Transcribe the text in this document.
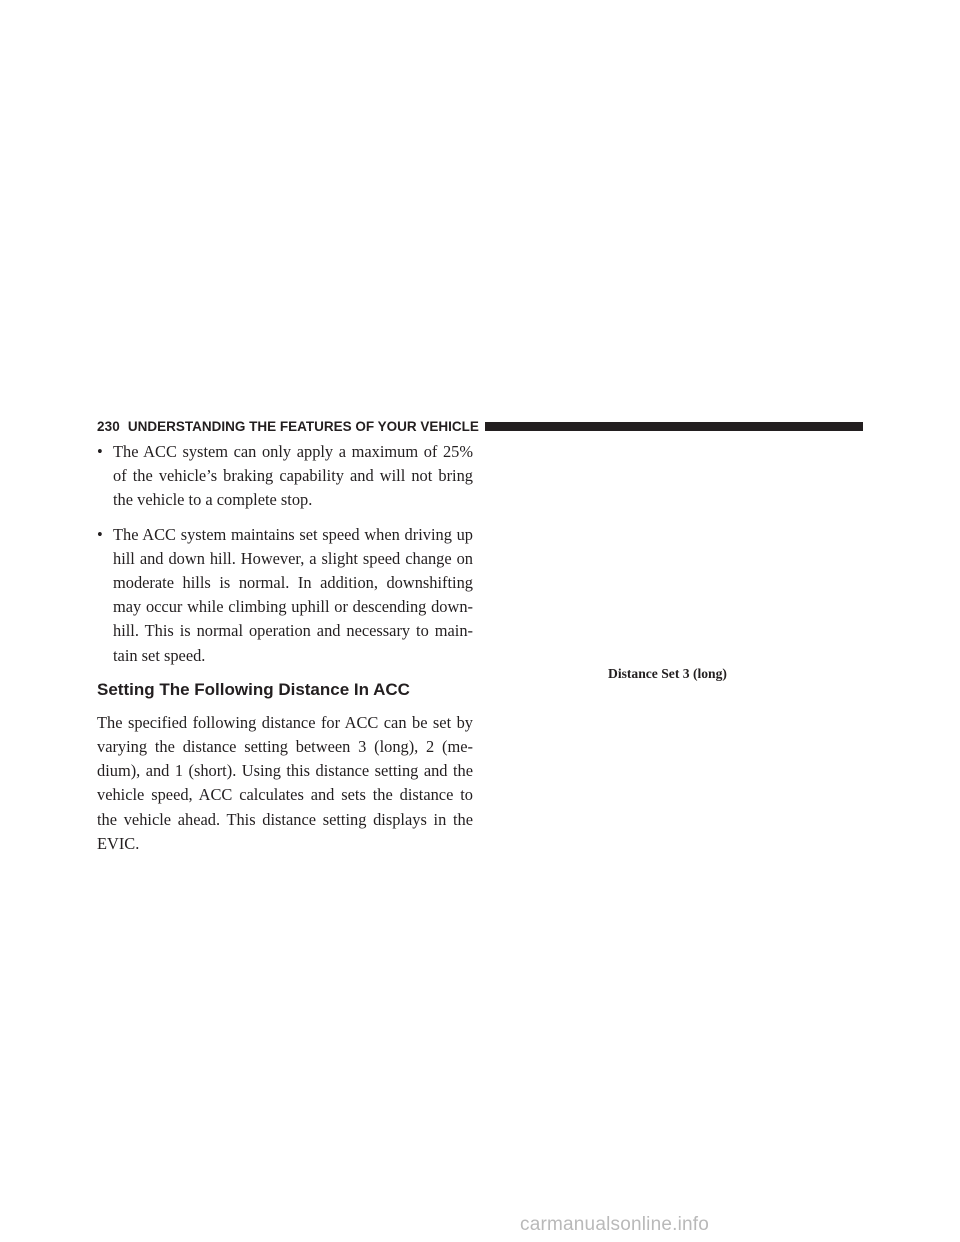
230 UNDERSTANDING THE FEATURES OF YOUR VEHICLE
• The ACC system can only apply a maximum of 25% of the vehicle’s braking capability and will not bring the vehicle to a complete stop.
• The ACC system maintains set speed when driving up hill and down hill. However, a slight speed change on moderate hills is normal. In addition, downshifting may occur while climbing uphill or descending down-hill. This is normal operation and necessary to main-tain set speed.
Setting The Following Distance In ACC

The specified following distance for ACC can be set by varying the distance setting between 3 (long), 2 (me-dium), and 1 (short). Using this distance setting and the vehicle speed, ACC calculates and sets the distance to the vehicle ahead. This distance setting displays in the EVIC.

Distance Set 3 (long)
carmanualsonline.info
